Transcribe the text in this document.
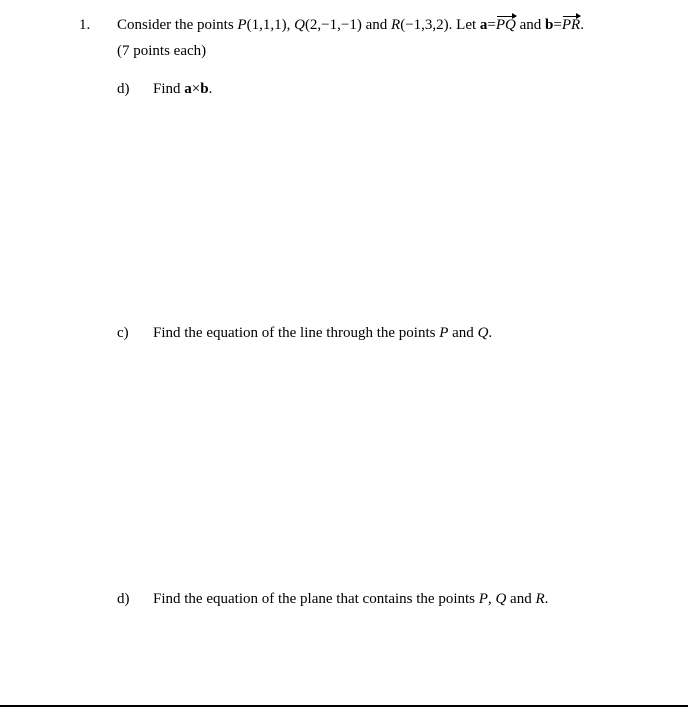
1. Consider the points P(1,1,1), Q(2,−1,−1) and R(−1,3,2). Let a=PQ and b=PR.
(7 points each)
d) Find a×b.
c) Find the equation of the line through the points P and Q.
d) Find the equation of the plane that contains the points P, Q and R.
